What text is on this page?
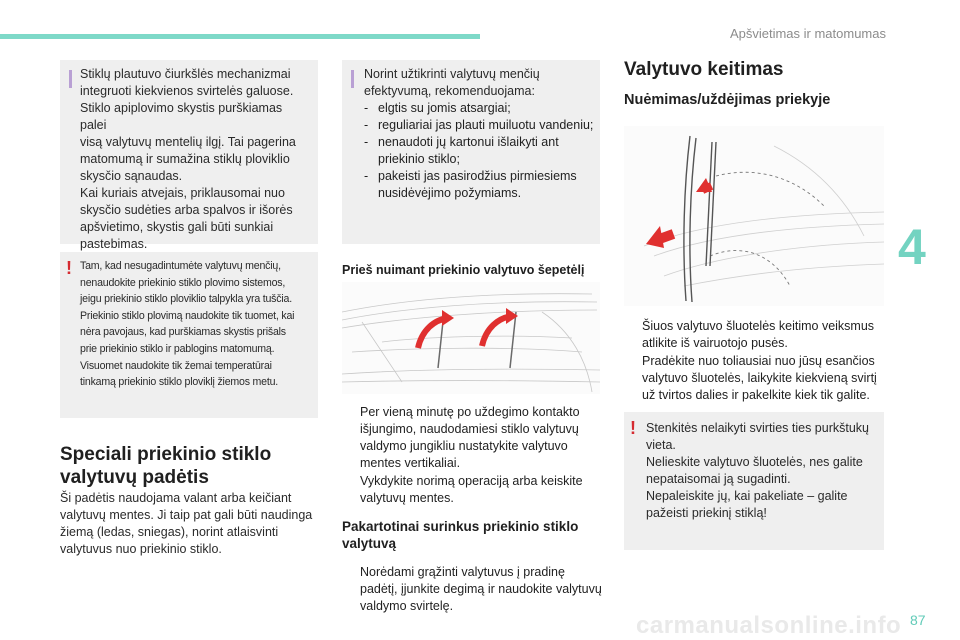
Apšvietimas ir matomumas
4
Stiklų plautuvo čiurkšlės mechanizmai
integruoti kiekvienos svirtelės galuose.
Stiklo apiplovimo skystis purškiamas palei
visą valytuvų mentelių ilgį. Tai pagerina
matomumą ir sumažina stiklų ploviklio
skysčio sąnaudas.
Kai kuriais atvejais, priklausomai nuo
skysčio sudėties arba spalvos ir išorės
apšvietimo, skystis gali būti sunkiai
pastebimas.
! Tam, kad nesugadintumėte valytuvų menčių,
nenaudokite priekinio stiklo plovimo sistemos,
jeigu priekinio stiklo ploviklio talpykla yra tuščia.
Priekinio stiklo plovimą naudokite tik tuomet, kai
nėra pavojaus, kad purškiamas skystis prišals
prie priekinio stiklo ir pablogins matomumą.
Visuomet naudokite tik žemai temperatūrai
tinkamą priekinio stiklo ploviklį žiemos metu.
Speciali priekinio stiklo
valytuvų padėtis
Ši padėtis naudojama valant arba keičiant
valytuvų mentes. Ji taip pat gali būti naudinga
žiemą (ledas, sniegas), norint atlaisvinti
valytuvus nuo priekinio stiklo.
Norint užtikrinti valytuvų menčių
efektyvumą, rekomenduojama:
- elgtis su jomis atsargiai;
- reguliariai jas plauti muiluotu vandeniu;
- nenaudoti jų kartonui išlaikyti ant priekinio stiklo;
- pakeisti jas pasirodžius pirmiesiems nusidėvėjimo požymiams.
Prieš nuimant priekinio valytuvo šepetėlį
Per vieną minutę po uždegimo kontakto išjungimo, naudodamiesi stiklo valytuvų valdymo jungikliu nustatykite valytuvo mentes vertikaliai.
Vykdykite norimą operaciją arba keiskite valytuvų mentes.
Pakartotinai surinkus priekinio stiklo
valytuvą
Norėdami grąžinti valytuvus į pradinę padėtį, įjunkite degimą ir naudokite valytuvų valdymo svirtelę.
Valytuvo keitimas
Nuėmimas/uždėjimas priekyje
Šiuos valytuvo šluotelės keitimo veiksmus atlikite iš vairuotojo pusės.
Pradėkite nuo toliausiai nuo jūsų esančios valytuvo šluotelės, laikykite kiekvieną svirtį už tvirtos dalies ir pakelkite kiek tik galite.
! Stenkitės nelaikyti svirties ties purkštukų
vieta.
Nelieskite valytuvo šluotelės, nes galite
nepataisomai ją sugadinti.
Nepaleiskite jų, kai pakeliate – galite
pažeisti priekinį stiklą!
carmanualsonline.info 87
